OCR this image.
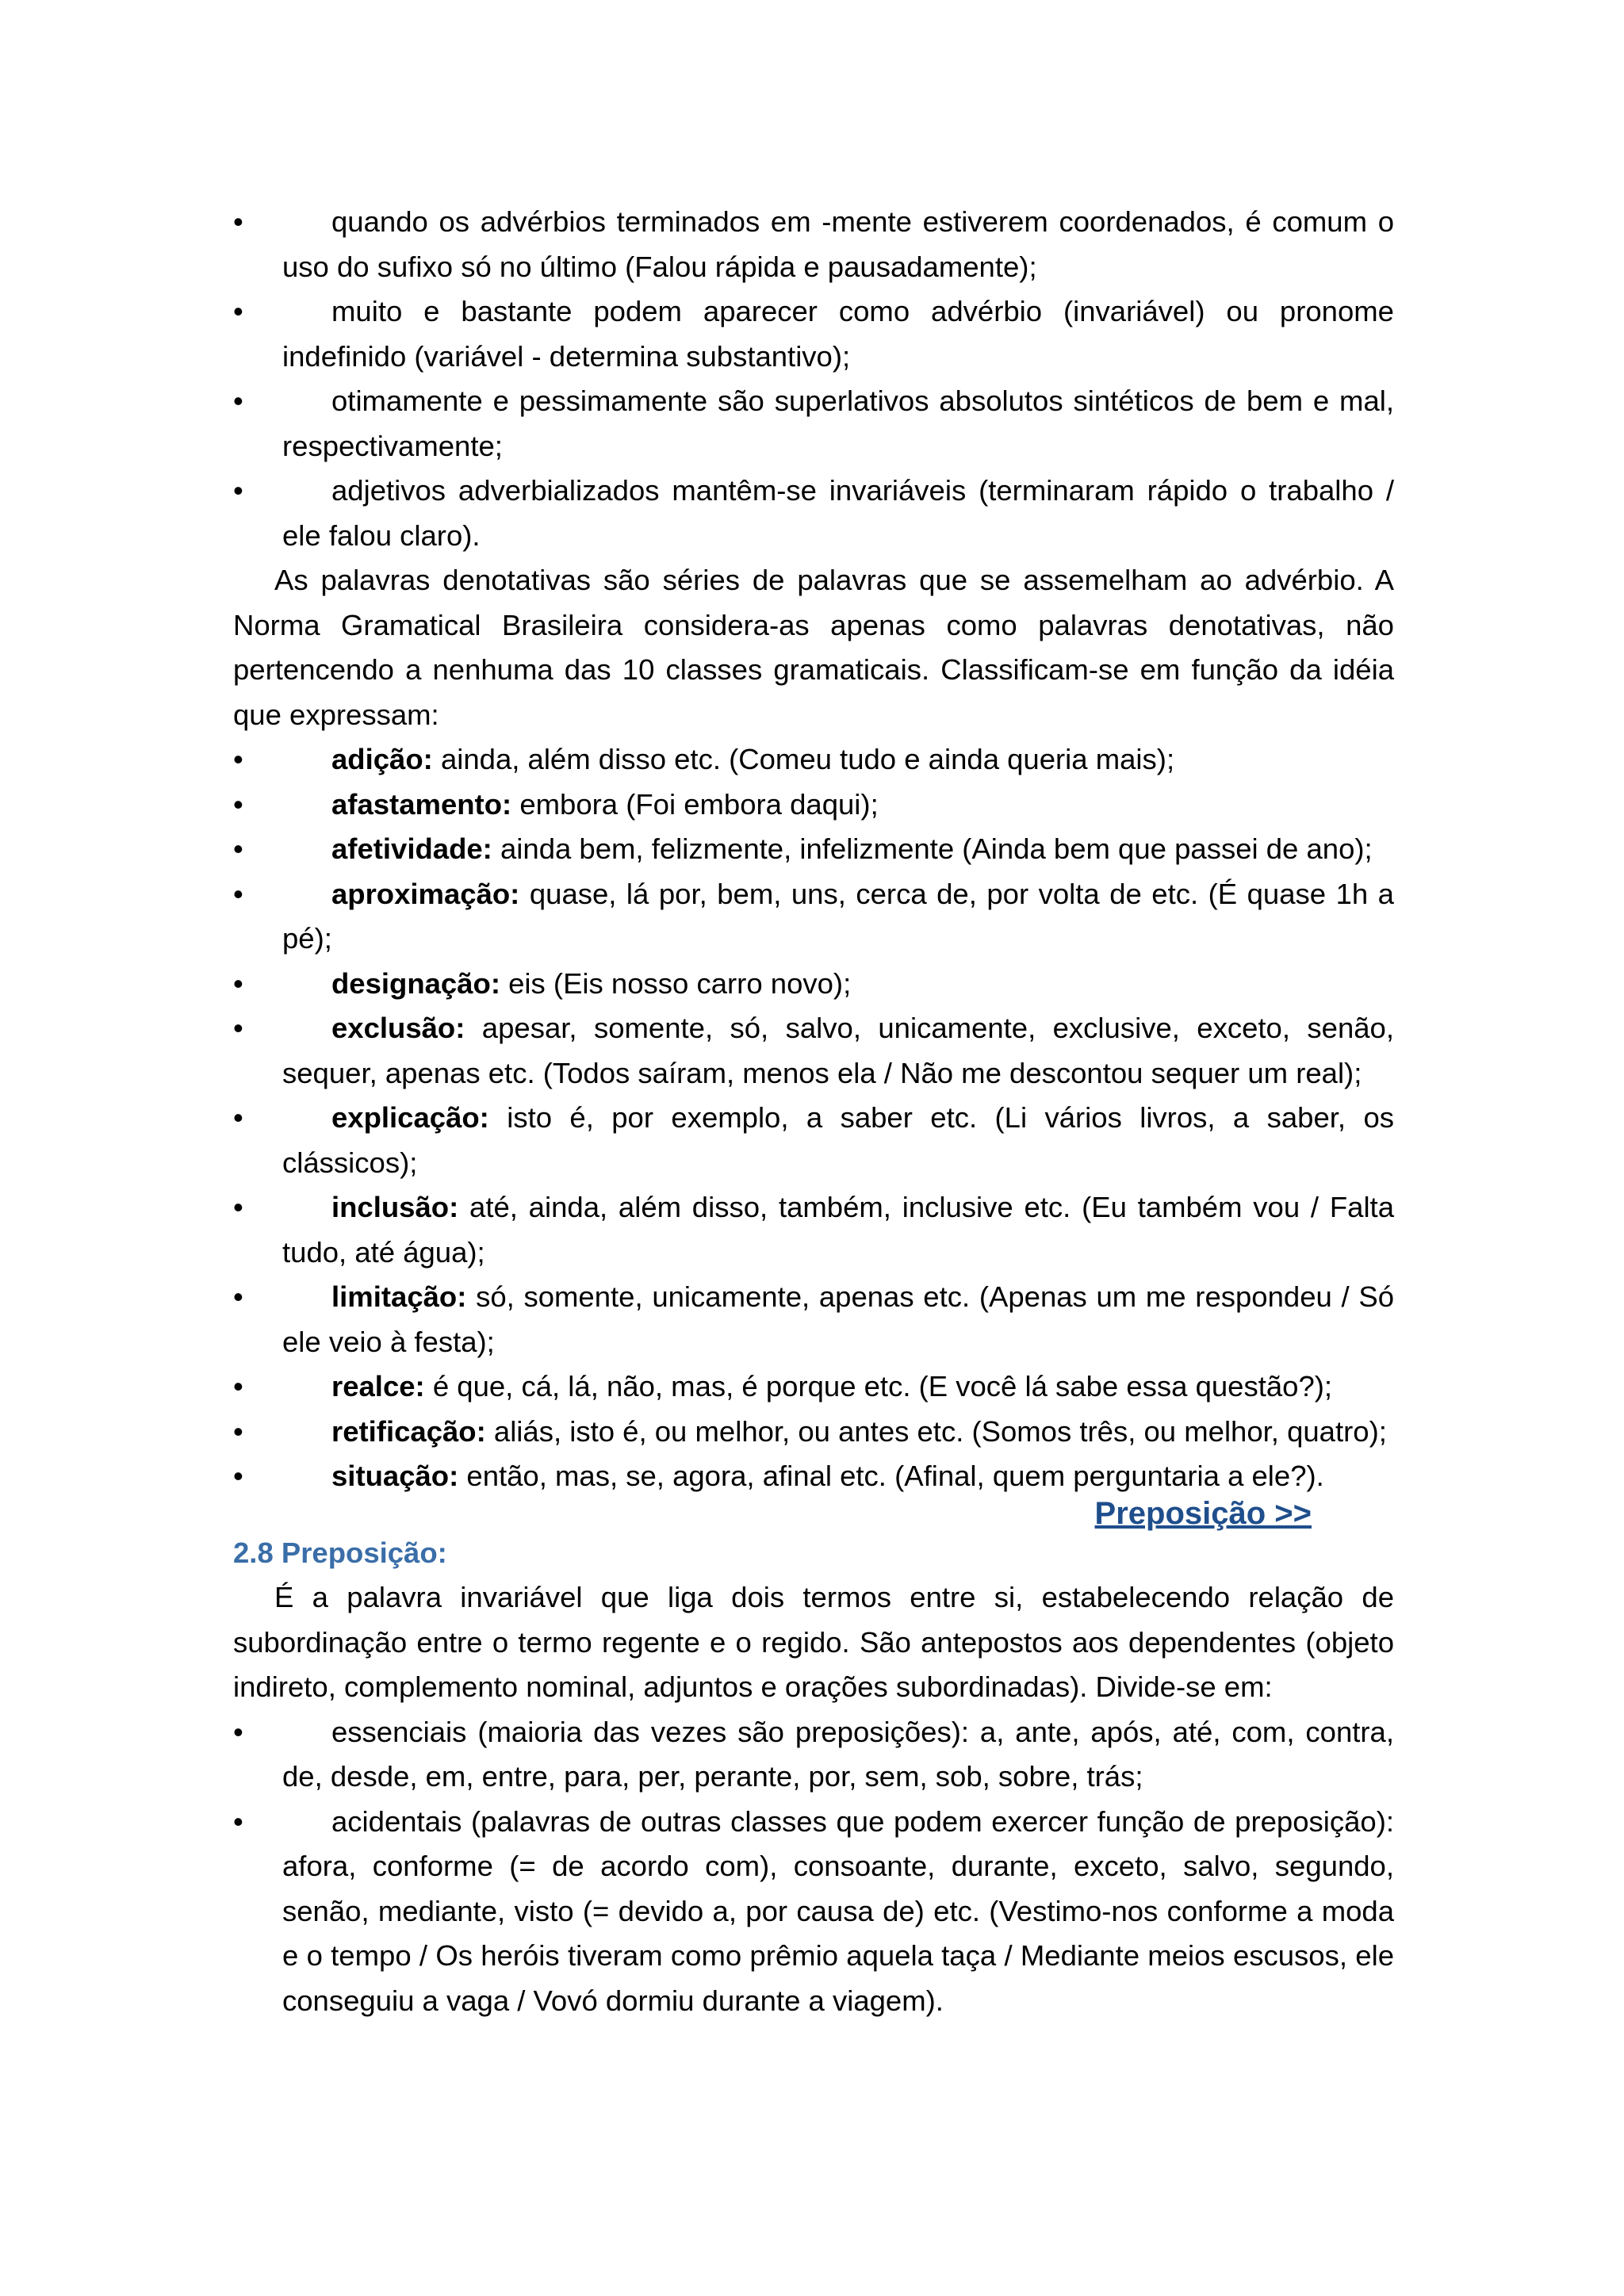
•	quando os advérbios terminados em -mente estiverem coordenados, é comum o uso do sufixo só no último (Falou rápida e pausadamente);
•	muito e bastante podem aparecer como advérbio (invariável) ou pronome indefinido (variável - determina substantivo);
•	otimamente e pessimamente são superlativos absolutos sintéticos de bem e mal, respectivamente;
•	adjetivos adverbializados mantêm-se invariáveis (terminaram rápido o trabalho / ele falou claro).

As palavras denotativas são séries de palavras que se assemelham ao advérbio. A Norma Gramatical Brasileira considera-as apenas como palavras denotativas, não pertencendo a nenhuma das 10 classes gramaticais. Classificam-se em função da idéia que expressam:

•	adição: ainda, além disso etc. (Comeu tudo e ainda queria mais);
•	afastamento: embora (Foi embora daqui);
•	afetividade: ainda bem, felizmente, infelizmente (Ainda bem que passei de ano);
•	aproximação: quase, lá por, bem, uns, cerca de, por volta de etc. (É quase 1h a pé);
•	designação: eis (Eis nosso carro novo);
•	exclusão: apesar, somente, só, salvo, unicamente, exclusive, exceto, senão, sequer, apenas etc. (Todos saíram, menos ela / Não me descontou sequer um real);
•	explicação: isto é, por exemplo, a saber etc. (Li vários livros, a saber, os clássicos);
•	inclusão: até, ainda, além disso, também, inclusive etc. (Eu também vou / Falta tudo, até água);
•	limitação: só, somente, unicamente, apenas etc. (Apenas um me respondeu / Só ele veio à festa);
•	realce: é que, cá, lá, não, mas, é porque etc. (E você lá sabe essa questão?);
•	retificação: aliás, isto é, ou melhor, ou antes etc. (Somos três, ou melhor, quatro);
•	situação: então, mas, se, agora, afinal etc. (Afinal, quem perguntaria a ele?).
Preposição >>
2.8 Preposição:

É a palavra invariável que liga dois termos entre si, estabelecendo relação de subordinação entre o termo regente e o regido. São antepostos aos dependentes (objeto indireto, complemento nominal, adjuntos e orações subordinadas). Divide-se em:

•	essenciais (maioria das vezes são preposições): a, ante, após, até, com, contra, de, desde, em, entre, para, per, perante, por, sem, sob, sobre, trás;
•	acidentais (palavras de outras classes que podem exercer função de preposição): afora, conforme (= de acordo com), consoante, durante, exceto, salvo, segundo, senão, mediante, visto (= devido a, por causa de) etc. (Vestimo-nos conforme a moda e o tempo / Os heróis tiveram como prêmio aquela taça / Mediante meios escusos, ele conseguiu a vaga / Vovó dormiu durante a viagem).
